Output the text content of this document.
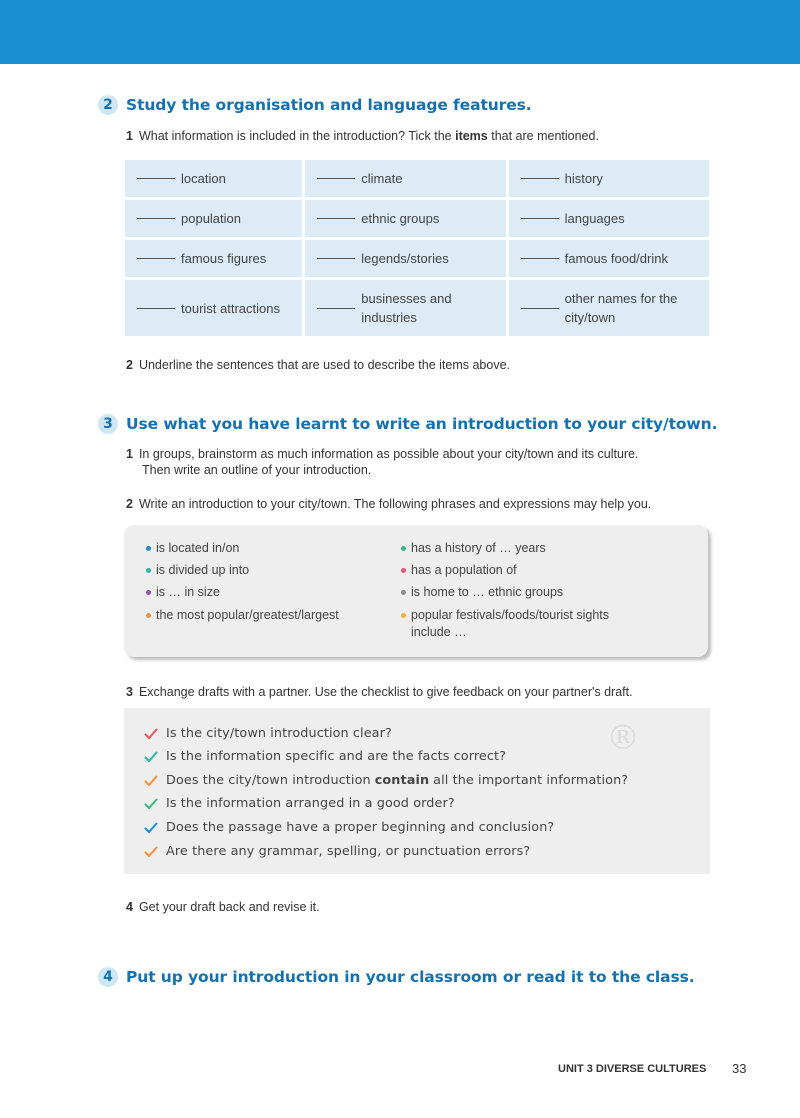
2 Study the organisation and language features.
1 What information is included in the introduction? Tick the items that are mentioned.
location	climate	history

population	ethnic groups	languages

famous figures	legends/stories	famous food/drink

tourist attractions	businesses and industries	other names for the city/town
2 Underline the sentences that are used to describe the items above.
3 Use what you have learnt to write an introduction to your city/town.
1 In groups, brainstorm as much information as possible about your city/town and its culture.
Then write an outline of your introduction.
2 Write an introduction to your city/town. The following phrases and expressions may help you.
is located in/on
is divided up into
is … in size
the most popular/greatest/largest
has a history of … years
has a population of
is home to … ethnic groups
popular festivals/foods/tourist sights
include …
3 Exchange drafts with a partner. Use the checklist to give feedback on your partner's draft.
®
Is the city/town introduction clear?
Is the information specific and are the facts correct?
Does the city/town introduction contain all the important information?
Is the information arranged in a good order?
Does the passage have a proper beginning and conclusion?
Are there any grammar, spelling, or punctuation errors?
4 Get your draft back and revise it.
4 Put up your introduction in your classroom or read it to the class.
UNIT 3 DIVERSE CULTURES 33
